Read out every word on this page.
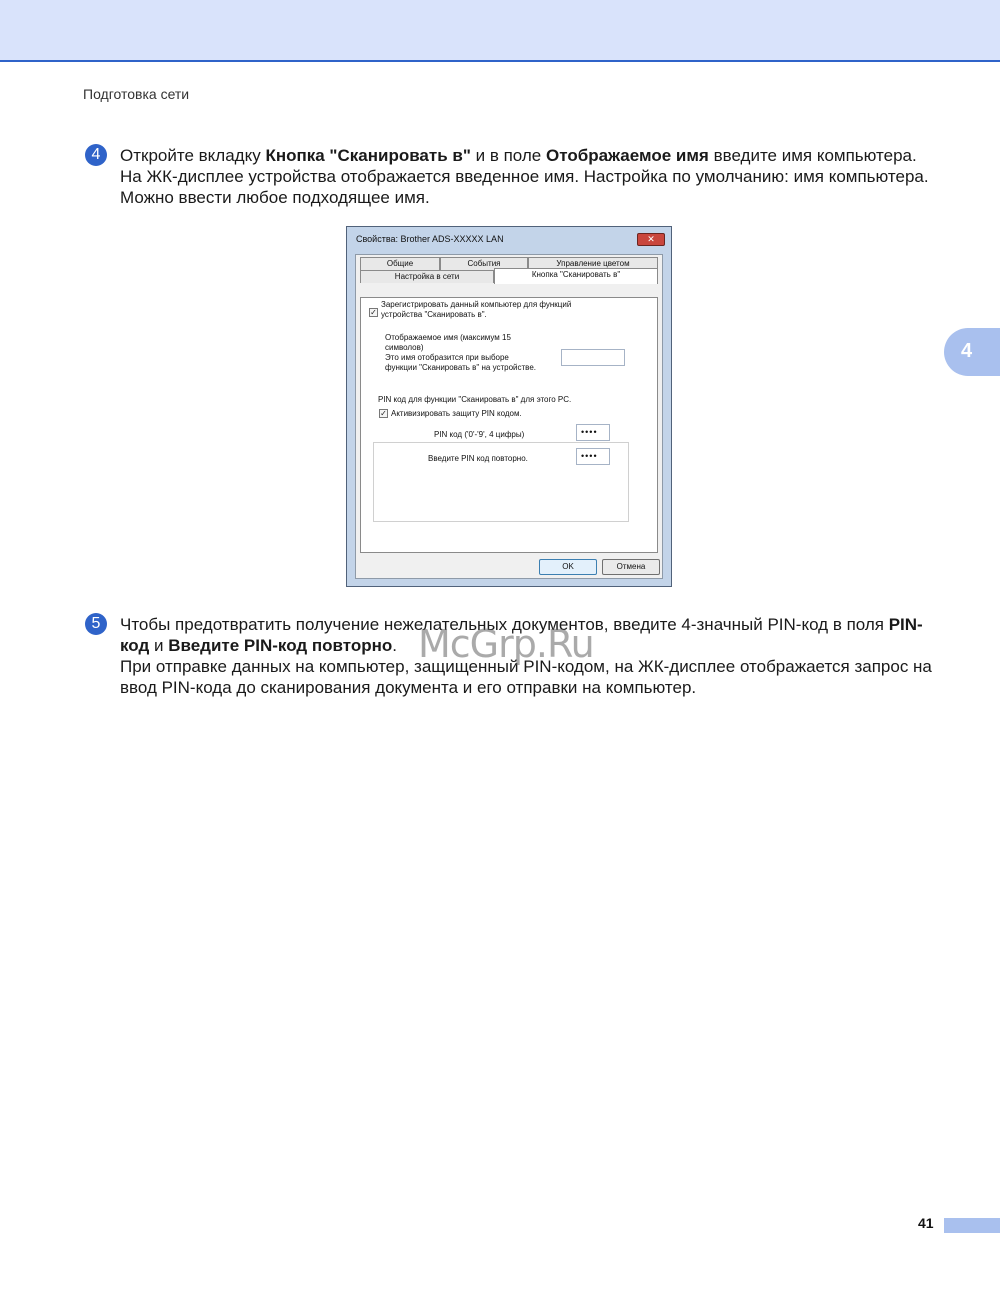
Подготовка сети
4
4	Откройте вкладку Кнопка "Сканировать в" и в поле Отображаемое имя введите имя компьютера. На ЖК-дисплее устройства отображается введенное имя. Настройка по умолчанию: имя компьютера. Можно ввести любое подходящее имя.
Свойства: Brother ADS-XXXXX LAN	✕
Общие	События	Управление цветом
Настройка в сети	Кнопка "Сканировать в"
✓
Зарегистрировать данный компьютер для функций
устройства "Сканировать в".
Отображаемое имя (максимум 15
символов)
Это имя отобразится при выборе
функции "Сканировать в" на устройстве.
PIN код для функции "Сканировать в" для этого PC.
✓ Активизировать защиту PIN кодом.
PIN код ('0'-'9', 4 цифры)	••••
Введите PIN код повторно.	••••
OK	Отмена
5	Чтобы предотвратить получение нежелательных документов, введите 4-значный PIN-код в поля PIN-код и Введите PIN-код повторно.
При отправке данных на компьютер, защищенный PIN-кодом, на ЖК-дисплее отображается запрос на ввод PIN-кода до сканирования документа и его отправки на компьютер.
McGrp.Ru
41
